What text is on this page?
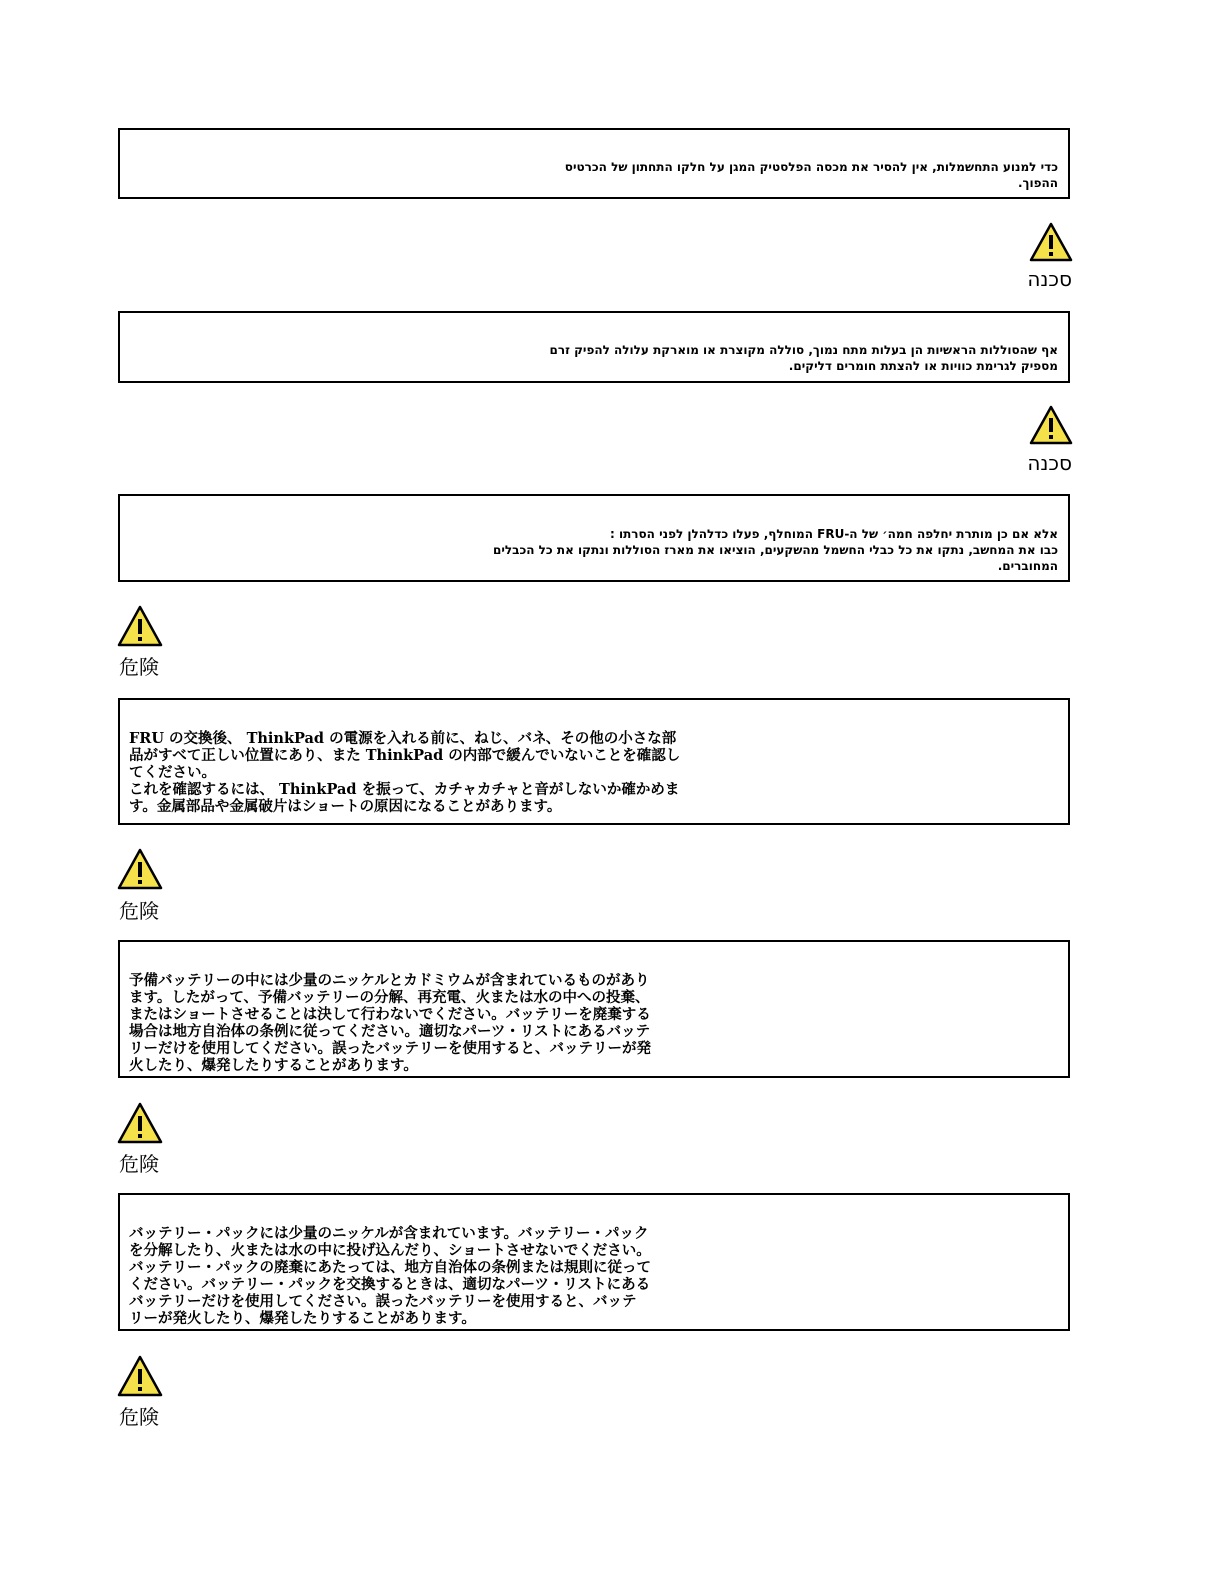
כדי למנוע התחשמלות, אין להסיר את מכסה הפלסטיק המגן על חלקו התחתון של הכרטיס
ההפוך.
סכנה
אף שהסוללות הראשיות הן בעלות מתח נמוך, סוללה מקוצרת או מוארקת עלולה להפיק זרם
מספיק לגרימת כוויות או להצתת חומרים דליקים.
סכנה
אלא אם כן מותרת יחלפה חמה׳ של ה-FRU המוחלף, פעלו כדלהלן לפני הסרתו :
כבו את המחשב, נתקו את כל כבלי החשמל מהשקעים, הוציאו את מארז הסוללות ונתקו את כל הכבלים
המחוברים.
危険
FRU の交換後、 ThinkPad の電源を入れる前に、ねじ、バネ、その他の小さな部
品がすべて正しい位置にあり、また ThinkPad の内部で緩んでいないことを確認し
てください。
これを確認するには、 ThinkPad を振って、カチャカチャと音がしないか確かめま
す。金属部品や金属破片はショートの原因になることがあります。
危険
予備バッテリーの中には少量のニッケルとカドミウムが含まれているものがあり
ます。したがって、予備バッテリーの分解、再充電、火または水の中への投棄、
またはショートさせることは決して行わないでください。バッテリーを廃棄する
場合は地方自治体の条例に従ってください。適切なパーツ・リストにあるバッテ
リーだけを使用してください。誤ったバッテリーを使用すると、バッテリーが発
火したり、爆発したりすることがあります。
危険
バッテリー・パックには少量のニッケルが含まれています。バッテリー・パック
を分解したり、火または水の中に投げ込んだり、ショートさせないでください。
バッテリー・パックの廃棄にあたっては、地方自治体の条例または規則に従って
ください。バッテリー・パックを交換するときは、適切なパーツ・リストにある
バッテリーだけを使用してください。誤ったバッテリーを使用すると、バッテ
リーが発火したり、爆発したりすることがあります。
危険
